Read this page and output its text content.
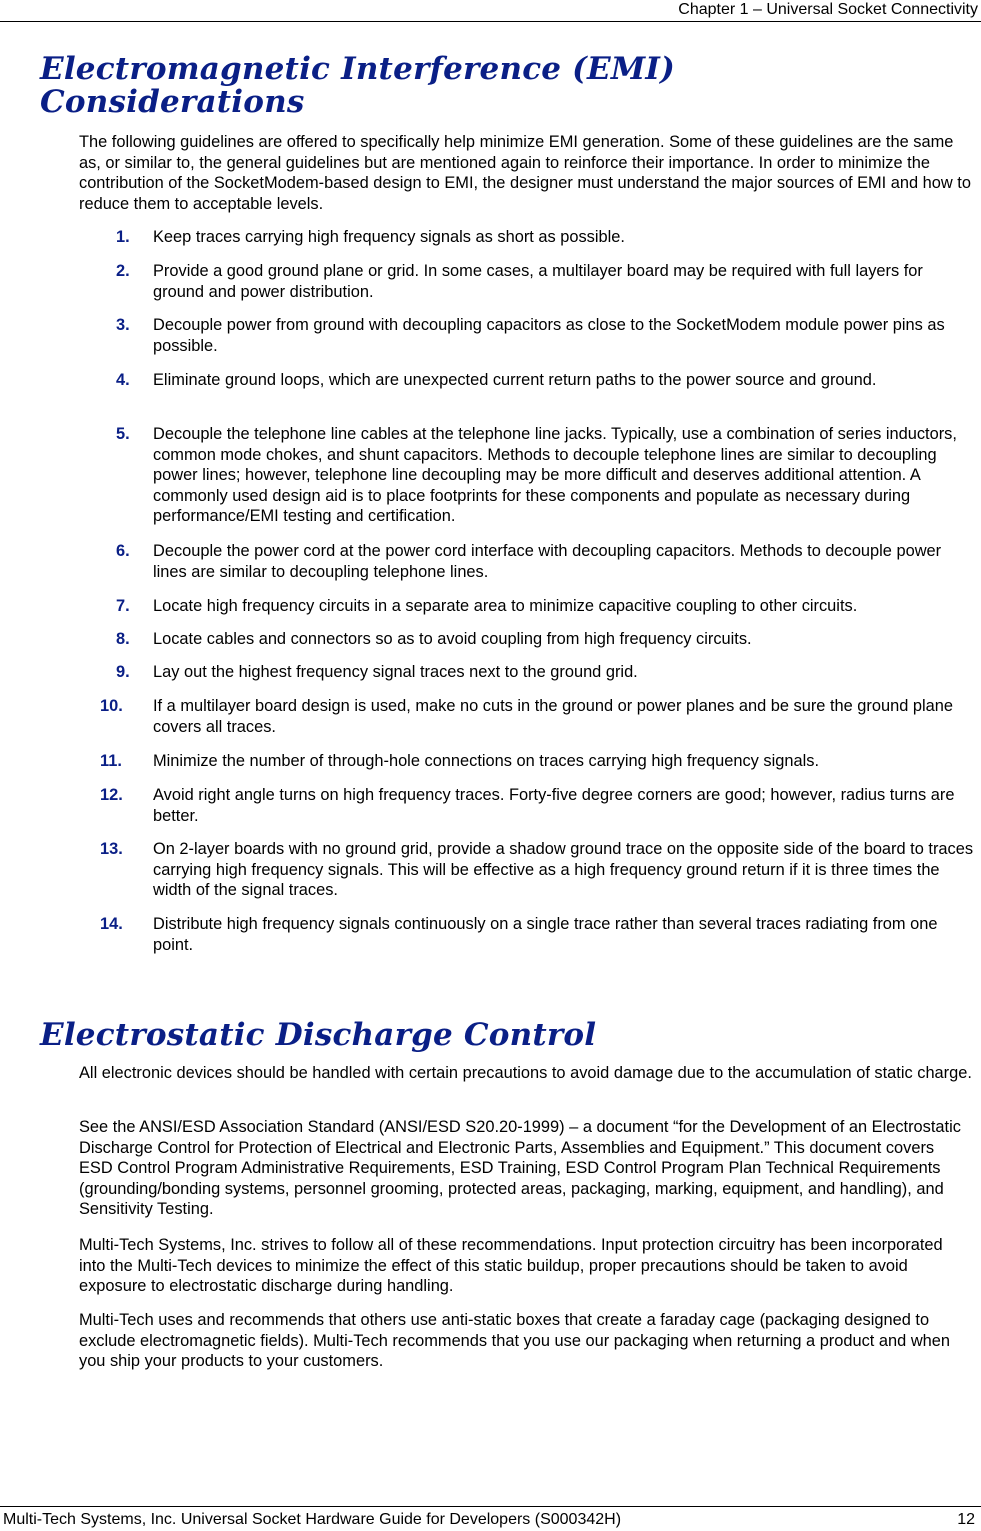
Chapter 1 – Universal Socket Connectivity
Electromagnetic Interference (EMI) Considerations

The following guidelines are offered to specifically help minimize EMI generation. Some of these guidelines are the same as, or similar to, the general guidelines but are mentioned again to reinforce their importance. In order to minimize the contribution of the SocketModem-based design to EMI, the designer must understand the major sources of EMI and how to reduce them to acceptable levels.

1.	Keep traces carrying high frequency signals as short as possible.
2.	Provide a good ground plane or grid. In some cases, a multilayer board may be required with full layers for ground and power distribution.
3.	Decouple power from ground with decoupling capacitors as close to the SocketModem module power pins as possible.
4.	Eliminate ground loops, which are unexpected current return paths to the power source and ground.
5.	Decouple the telephone line cables at the telephone line jacks. Typically, use a combination of series inductors, common mode chokes, and shunt capacitors. Methods to decouple telephone lines are similar to decoupling power lines; however, telephone line decoupling may be more difficult and deserves additional attention. A commonly used design aid is to place footprints for these components and populate as necessary during performance/EMI testing and certification.
6.	Decouple the power cord at the power cord interface with decoupling capacitors. Methods to decouple power lines are similar to decoupling telephone lines.
7.	Locate high frequency circuits in a separate area to minimize capacitive coupling to other circuits.
8.	Locate cables and connectors so as to avoid coupling from high frequency circuits.
9.	Lay out the highest frequency signal traces next to the ground grid.
10.	If a multilayer board design is used, make no cuts in the ground or power planes and be sure the ground plane covers all traces.
11.	Minimize the number of through-hole connections on traces carrying high frequency signals.
12.	Avoid right angle turns on high frequency traces. Forty-five degree corners are good; however, radius turns are better.
13.	On 2-layer boards with no ground grid, provide a shadow ground trace on the opposite side of the board to traces carrying high frequency signals. This will be effective as a high frequency ground return if it is three times the width of the signal traces.
14.	Distribute high frequency signals continuously on a single trace rather than several traces radiating from one point.
Electrostatic Discharge Control

All electronic devices should be handled with certain precautions to avoid damage due to the accumulation of static charge.

See the ANSI/ESD Association Standard (ANSI/ESD S20.20-1999) – a document “for the Development of an Electrostatic Discharge Control for Protection of Electrical and Electronic Parts, Assemblies and Equipment.” This document covers ESD Control Program Administrative Requirements, ESD Training, ESD Control Program Plan Technical Requirements (grounding/bonding systems, personnel grooming, protected areas, packaging, marking, equipment, and handling), and Sensitivity Testing.

Multi-Tech Systems, Inc. strives to follow all of these recommendations. Input protection circuitry has been incorporated into the Multi-Tech devices to minimize the effect of this static buildup, proper precautions should be taken to avoid exposure to electrostatic discharge during handling.

Multi-Tech uses and recommends that others use anti-static boxes that create a faraday cage (packaging designed to exclude electromagnetic fields). Multi-Tech recommends that you use our packaging when returning a product and when you ship your products to your customers.

Multi-Tech Systems, Inc. Universal Socket Hardware Guide for Developers (S000342H)	12
